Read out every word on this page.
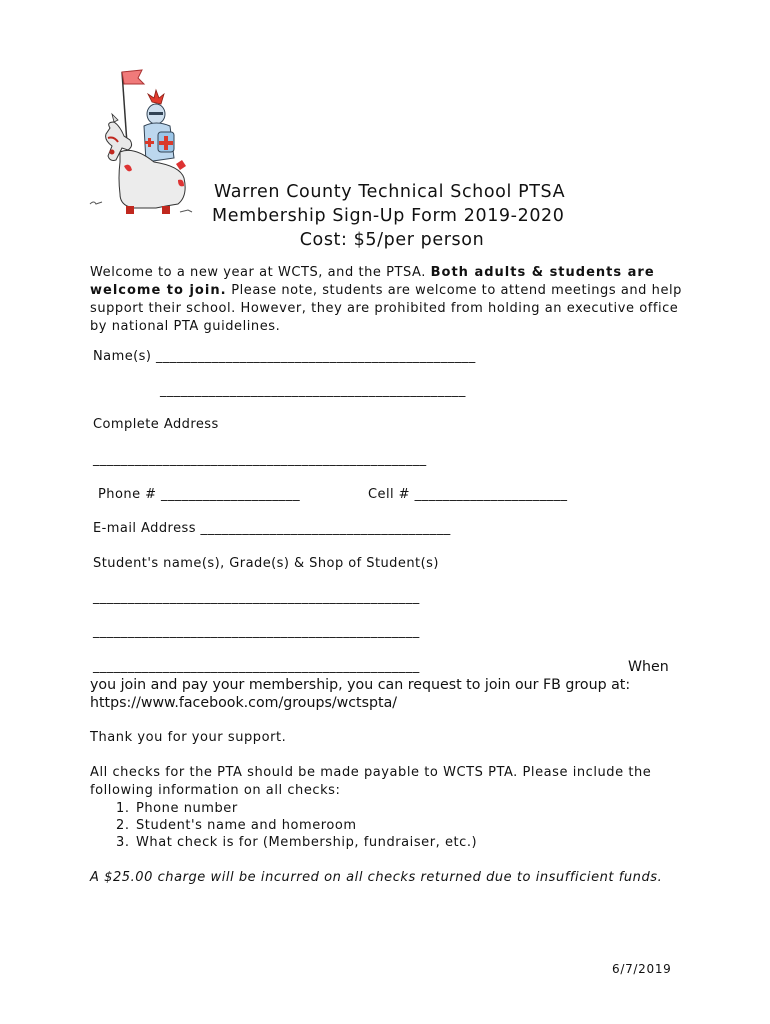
Warren County Technical School PTSA
Membership Sign-Up Form 2019-2020
Cost: $5/per person
Welcome to a new year at WCTS, and the PTSA. Both adults & students are
welcome to join. Please note, students are welcome to attend meetings and help
support their school. However, they are prohibited from holding an executive office
by national PTA guidelines.
Name(s) ______________________________________________
____________________________________________
Complete Address
________________________________________________
Phone # ____________________	Cell # ______________________
E-mail Address ____________________________________
Student's name(s), Grade(s) & Shop of Student(s)
_______________________________________________
_______________________________________________
_______________________________________________	When
you join and pay your membership, you can request to join our FB group at:
https://www.facebook.com/groups/wctspta/
Thank you for your support.
All checks for the PTA should be made payable to WCTS PTA. Please include the
following information on all checks:
1. Phone number
2. Student's name and homeroom
3. What check is for (Membership, fundraiser, etc.)
A $25.00 charge will be incurred on all checks returned due to insufficient funds.
6/7/2019
